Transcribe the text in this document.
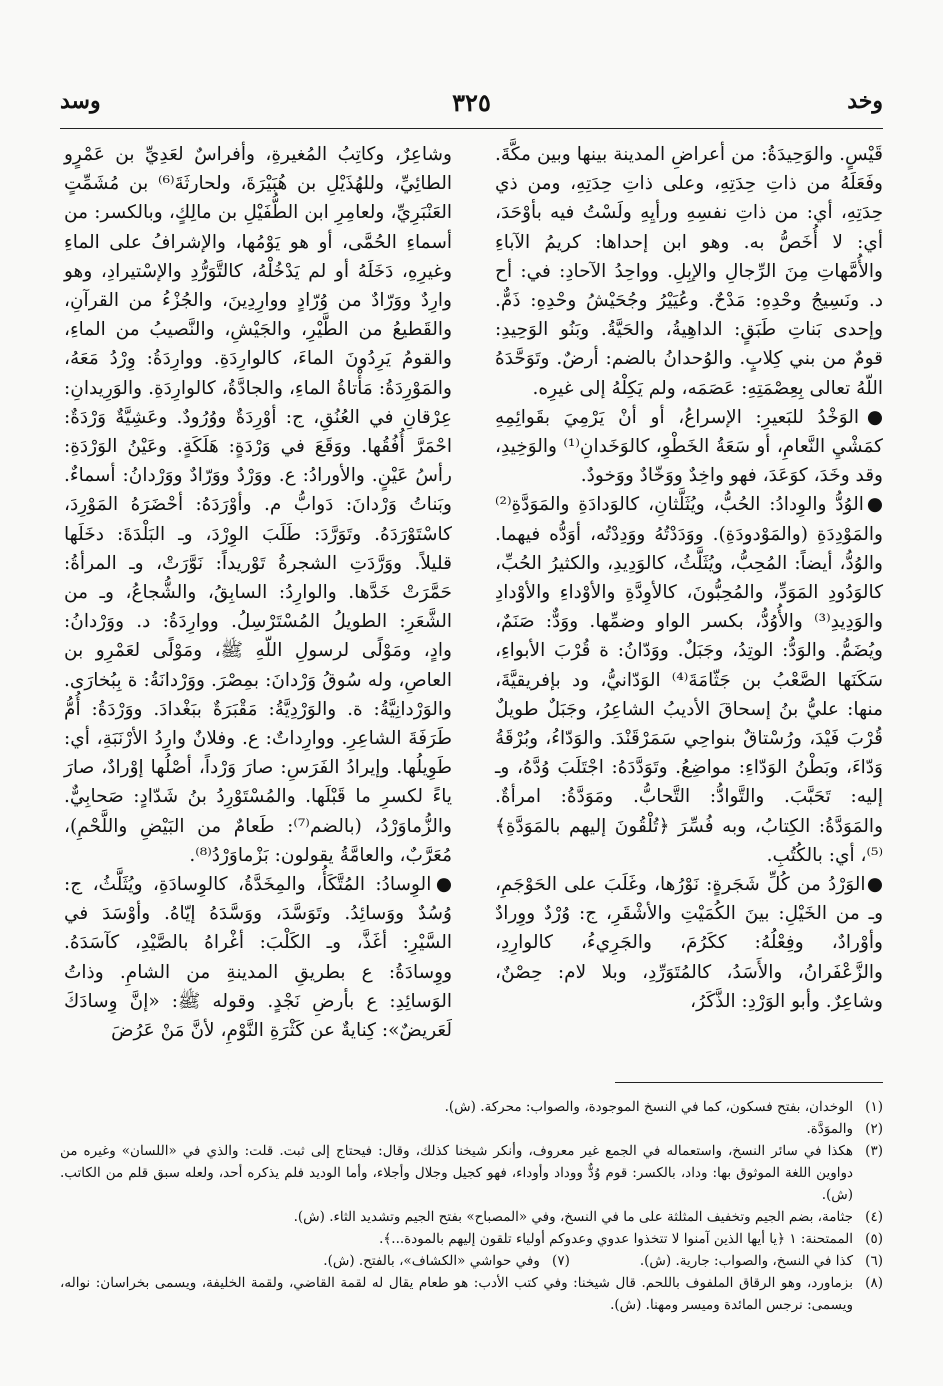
وخد
٣٢٥
وسد

قَيْسٍ. والوَحِيدَةُ: من أعراضِ المدينة بينها وبين مكَّةَ. وفَعَلَهُ من ذاتِ حِدَتِهِ، وعلى ذاتِ حِدَتِهِ، ومن ذي حِدَتِهِ، أي: من ذاتِ نفسِهِ ورأيِهِ ولَسْتُ فيه بأوْحَدَ، أي: لا أُخَصُّ به. وهو ابن إحداها: كريمُ الآباءِ والأُمَّهاتِ مِنَ الرِّجالِ والإبِلِ. وواحِدُ الآحادِ: في: أح د. ونَسِيجُ وحْدِهِ: مَدْحٌ. وعُيَيْرُ وجُحَيْشُ وحْدِهِ: ذَمٌّ. وإحدى بَناتِ طَبَقٍ: الداهِيةُ، والحَيَّةُ. وبَنُو الوَحِيدِ: قومٌ من بني كِلابٍ. والوُحدانُ بالضم: أرضٌ. وتَوَحَّدَهُ اللّهُ تعالى بِعِصْمَتِهِ: عَصَمَه، ولم يَكِلْهُ إلى غيرِه.

●الوَخْدُ للبَعيرِ: الإسراعُ، أو أنْ يَرْمِيَ بقَوائِمِهِ كمَشْيِ النَّعامِ، أو سَعَةُ الخَطْوِ، كالوَخَدانِ⁽¹⁾ والوَخِيدِ، وقد وخَدَ، كوَعَدَ، فهو واخِدٌ ووَخّادٌ ووَخودٌ.

●الوُدُّ والوِدادُ: الحُبُّ، ويُثَلَّثانِ، كالوَدادَةِ والمَوَدَّةِ⁽²⁾ والمَوْدِدَةِ (والمَوْدودَةِ). ووَدَدْتُهُ ووَدِدْتُه، أوَدُّه فيهما. والوُدُّ، أيضاً: المُحِبُّ، ويُثَلَّثُ، كالوَدِيدِ، والكثيرُ الحُبِّ، كالوَدُودِ المَوَدِّ، والمُحِبُّونَ، كالأوِدَّةِ والأوْداءِ والأوْدادِ والوَدِيدِ⁽³⁾ والأُوُدُّ، بكسر الواو وضمِّها. ووَدٌّ: صَنَمٌ، ويُضَمُّ. والوَدُّ: الوتِدُ، وجَبَلٌ. ووَدّانُ: ة قُرْبَ الأبواءِ، سَكَنَها الصَّعْبُ بن جَثّامَةَ⁽⁴⁾ الوَدّانيُّ، ود بإفريقيَّةَ، منها: عليُّ بنُ إسحاقَ الأديبُ الشاعِرُ، وجَبَلٌ طويلٌ قُرْبَ فَيْدَ، ورُسْتاقٌ بنواحِي سَمَرْقَنْدَ. والوَدّاءُ، وبُرْقَةُ وَدّاءَ، وبَطْنُ الوَدّاءِ: مواضِعُ. وتَوَدَّدَهُ: اجْتَلَبَ وُدَّهُ، وـ إليه: تَحَبَّبَ. والتَّوادُّ: التَّحابُّ. ومَوَدَّةُ: امرأةٌ. والمَوَدَّةُ: الكِتابُ، وبه فُسِّرَ ﴿تُلْقُونَ إليهم بالمَوَدَّةِ﴾⁽⁵⁾، أي: بالكُتُبِ.

●الوَرْدُ من كُلِّ شَجَرةٍ: نَوْرُها، وغَلَبَ على الحَوْجَمِ، وـ من الخَيْلِ: بينَ الكُمَيْتِ والأشْقَرِ، ج: وُرْدٌ ووِرادٌ وأوْرادٌ، وفِعْلُهُ: ككَرُمَ، والجَرِيءُ، كالوارِدِ، والزَّعْفَرانُ، والأَسَدُ، كالمُتَوَرِّدِ، وبلا لام: حِصْنٌ، وشاعِرٌ. وأبو الوَرْدِ: الذَّكَرُ،

وشاعِرٌ، وكاتِبُ المُغيرةِ، وأفراسٌ لعَدِيِّ بن عَمْرٍو الطائِيِّ، وللهُذَيْلِ بن هُبَيْرَةَ، ولحارثَةَ⁽⁶⁾ بن مُشَمِّتٍ العَنْبَرِيِّ، ولعامِرِ ابن الطُّفَيْلِ بن مالِكٍ، وبالكسر: من أسماءِ الحُمَّى، أو هو يَوْمُها، والإشرافُ على الماءِ وغيرِهِ، دَخَلَهُ أو لم يَدْخُلْهُ، كالتَّوَرُّدِ والإسْتيرادِ، وهو وارِدٌ ووَرّادٌ من وُرّادٍ ووارِدِينَ، والجُزْءُ من القرآنِ، والقَطيعُ من الطَّيْرِ، والجَيْشِ، والنَّصيبُ من الماءِ، والقومُ يَرِدُونَ الماءَ، كالوارِدَةِ. ووارِدَةُ: وِرْدُ مَعَهُ، والمَوْرِدَةُ: مَأْتاةُ الماءِ، والجادَّةُ، كالوارِدَةِ. والوَرِيدانِ: عِرْقانِ في العُنُقِ، ج: أوْرِدَةٌ ووُرُودٌ. وعَشِيَّةٌ وَرْدَةٌ: احْمَرَّ أُفُقُها. ووَقَعَ في وَرْدَةٍ: هَلَكَةٍ. وعَيْنُ الوَرْدَةِ: رأسُ عَيْنٍ. والأورادُ: ع. ووَرْدٌ ووَرّادٌ ووَرْدانُ: أسماءٌ. وبَناتُ وَرْدانَ: دَوابُّ م. وأوْرَدَهُ: أحْضَرَهُ المَوْرِدَ، كاسْتَوْرَدَهُ. وتَوَرَّدَ: طَلَبَ الوِرْدَ، وـ البَلْدَةَ: دخَلَها قليلاً. ووَرَّدَتِ الشجرةُ تَوْريداً: نَوَّرَتْ، وـ المرأةُ: حَمَّرَتْ خَدَّها. والوارِدُ: السابِقُ، والشُّجاعُ، وـ من الشَّعَرِ: الطويلُ المُسْتَرْسِلُ. ووارِدَةُ: د. ووَرْدانُ: وادٍ، ومَوْلًى لرسولِ اللّهِ ﷺ، ومَوْلًى لعَمْرِو بن العاصِ، وله سُوقُ وَرْدانَ: بمِصْرَ. ووَرْدانَةُ: ة بِبُخارَى. والوَرْدانِيَّةُ: ة. والوَرْدِيَّةُ: مَقْبَرَةٌ ببَغْدادَ. ووَرْدَةُ: أُمُّ طَرَفَةَ الشاعِرِ. ووارِداتٌ: ع. وفلانٌ وارِدُ الأرْنَبَةِ، أي: طَوِيلُها. وإيرادُ الفَرَسِ: صارَ وَرْداً، أصْلُها إوْرادٌ، صارَ ياءً لكسرِ ما قَبْلَها. والمُسْتَوْرِدُ بنُ شَدّادٍ: صَحابِيٌّ. والزُّماوَرْدُ، (بالضم⁽⁷⁾: طَعامٌ من البَيْضِ واللَّحْمِ)، مُعَرَّبٌ، والعامَّةُ يقولون: بَزْماوَرْدُ⁽⁸⁾.

●الوِسادُ: المُتَّكَأُ، والمِخَدَّةُ، كالوِسادَةِ، ويُثَلَّثُ، ج: وُسُدٌ ووَسائِدُ. وتَوَسَّدَ، ووَسَّدَهُ إيّاهُ. وأوْسَدَ في السَّيْرِ: أغَذَّ، وـ الكَلْبَ: أغْراهُ بالصَّيْدِ، كآسَدَهُ. ووِسادَةُ: ع بطريقِ المدينةِ من الشامِ. وذاتُ الوَسائِدِ: ع بأرضِ نَجْدٍ. وقوله ﷺ: «إنَّ وِسادَكَ لَعَريضٌ»: كِنايةٌ عن كَثْرَةِ النَّوْمِ، لأنَّ مَنْ عَرُضَ

(١)
الوخدان، بفتح فسكون، كما في النسخ الموجودة، والصواب: محركة. (ش).
(٢)
والموَدَّة.
(٣)
هكذا في سائر النسخ، واستعماله في الجمع غير معروف، وأنكر شيخنا كذلك، وقال: فيحتاج إلى ثبت. قلت: والذي في «اللسان» وغيره من دواوين اللغة الموثوق بها: وداد، بالكسر: قوم وُدٌّ ووداد وأوداء، فهو كجيل وجلال وأجلاء، وأما الوديد فلم يذكره أحد، ولعله سبق قلم من الكاتب. (ش).
(٤)
جثامة، بضم الجيم وتخفيف المثلثة على ما في النسخ، وفي «المصباح» بفتح الجيم وتشديد الثاء. (ش).
(٥)
الممتحنة: ١ ﴿يا أيها الذين آمنوا لا تتخذوا عدوي وعدوكم أولياء تلقون إليهم بالمودة...﴾.
(٦)
كذا في النسخ، والصواب: جارية. (ش).
(٧)
وفي حواشي «الكشاف»، بالفتح. (ش).
(٨)
بزماورد، وهو الرقاق الملفوف باللحم. قال شيخنا: وفي كتب الأدب: هو طعام يقال له لقمة القاضي، ولقمة الخليفة، ويسمى بخراسان: نواله، ويسمى: نرجس المائدة وميسر ومهنا. (ش).
